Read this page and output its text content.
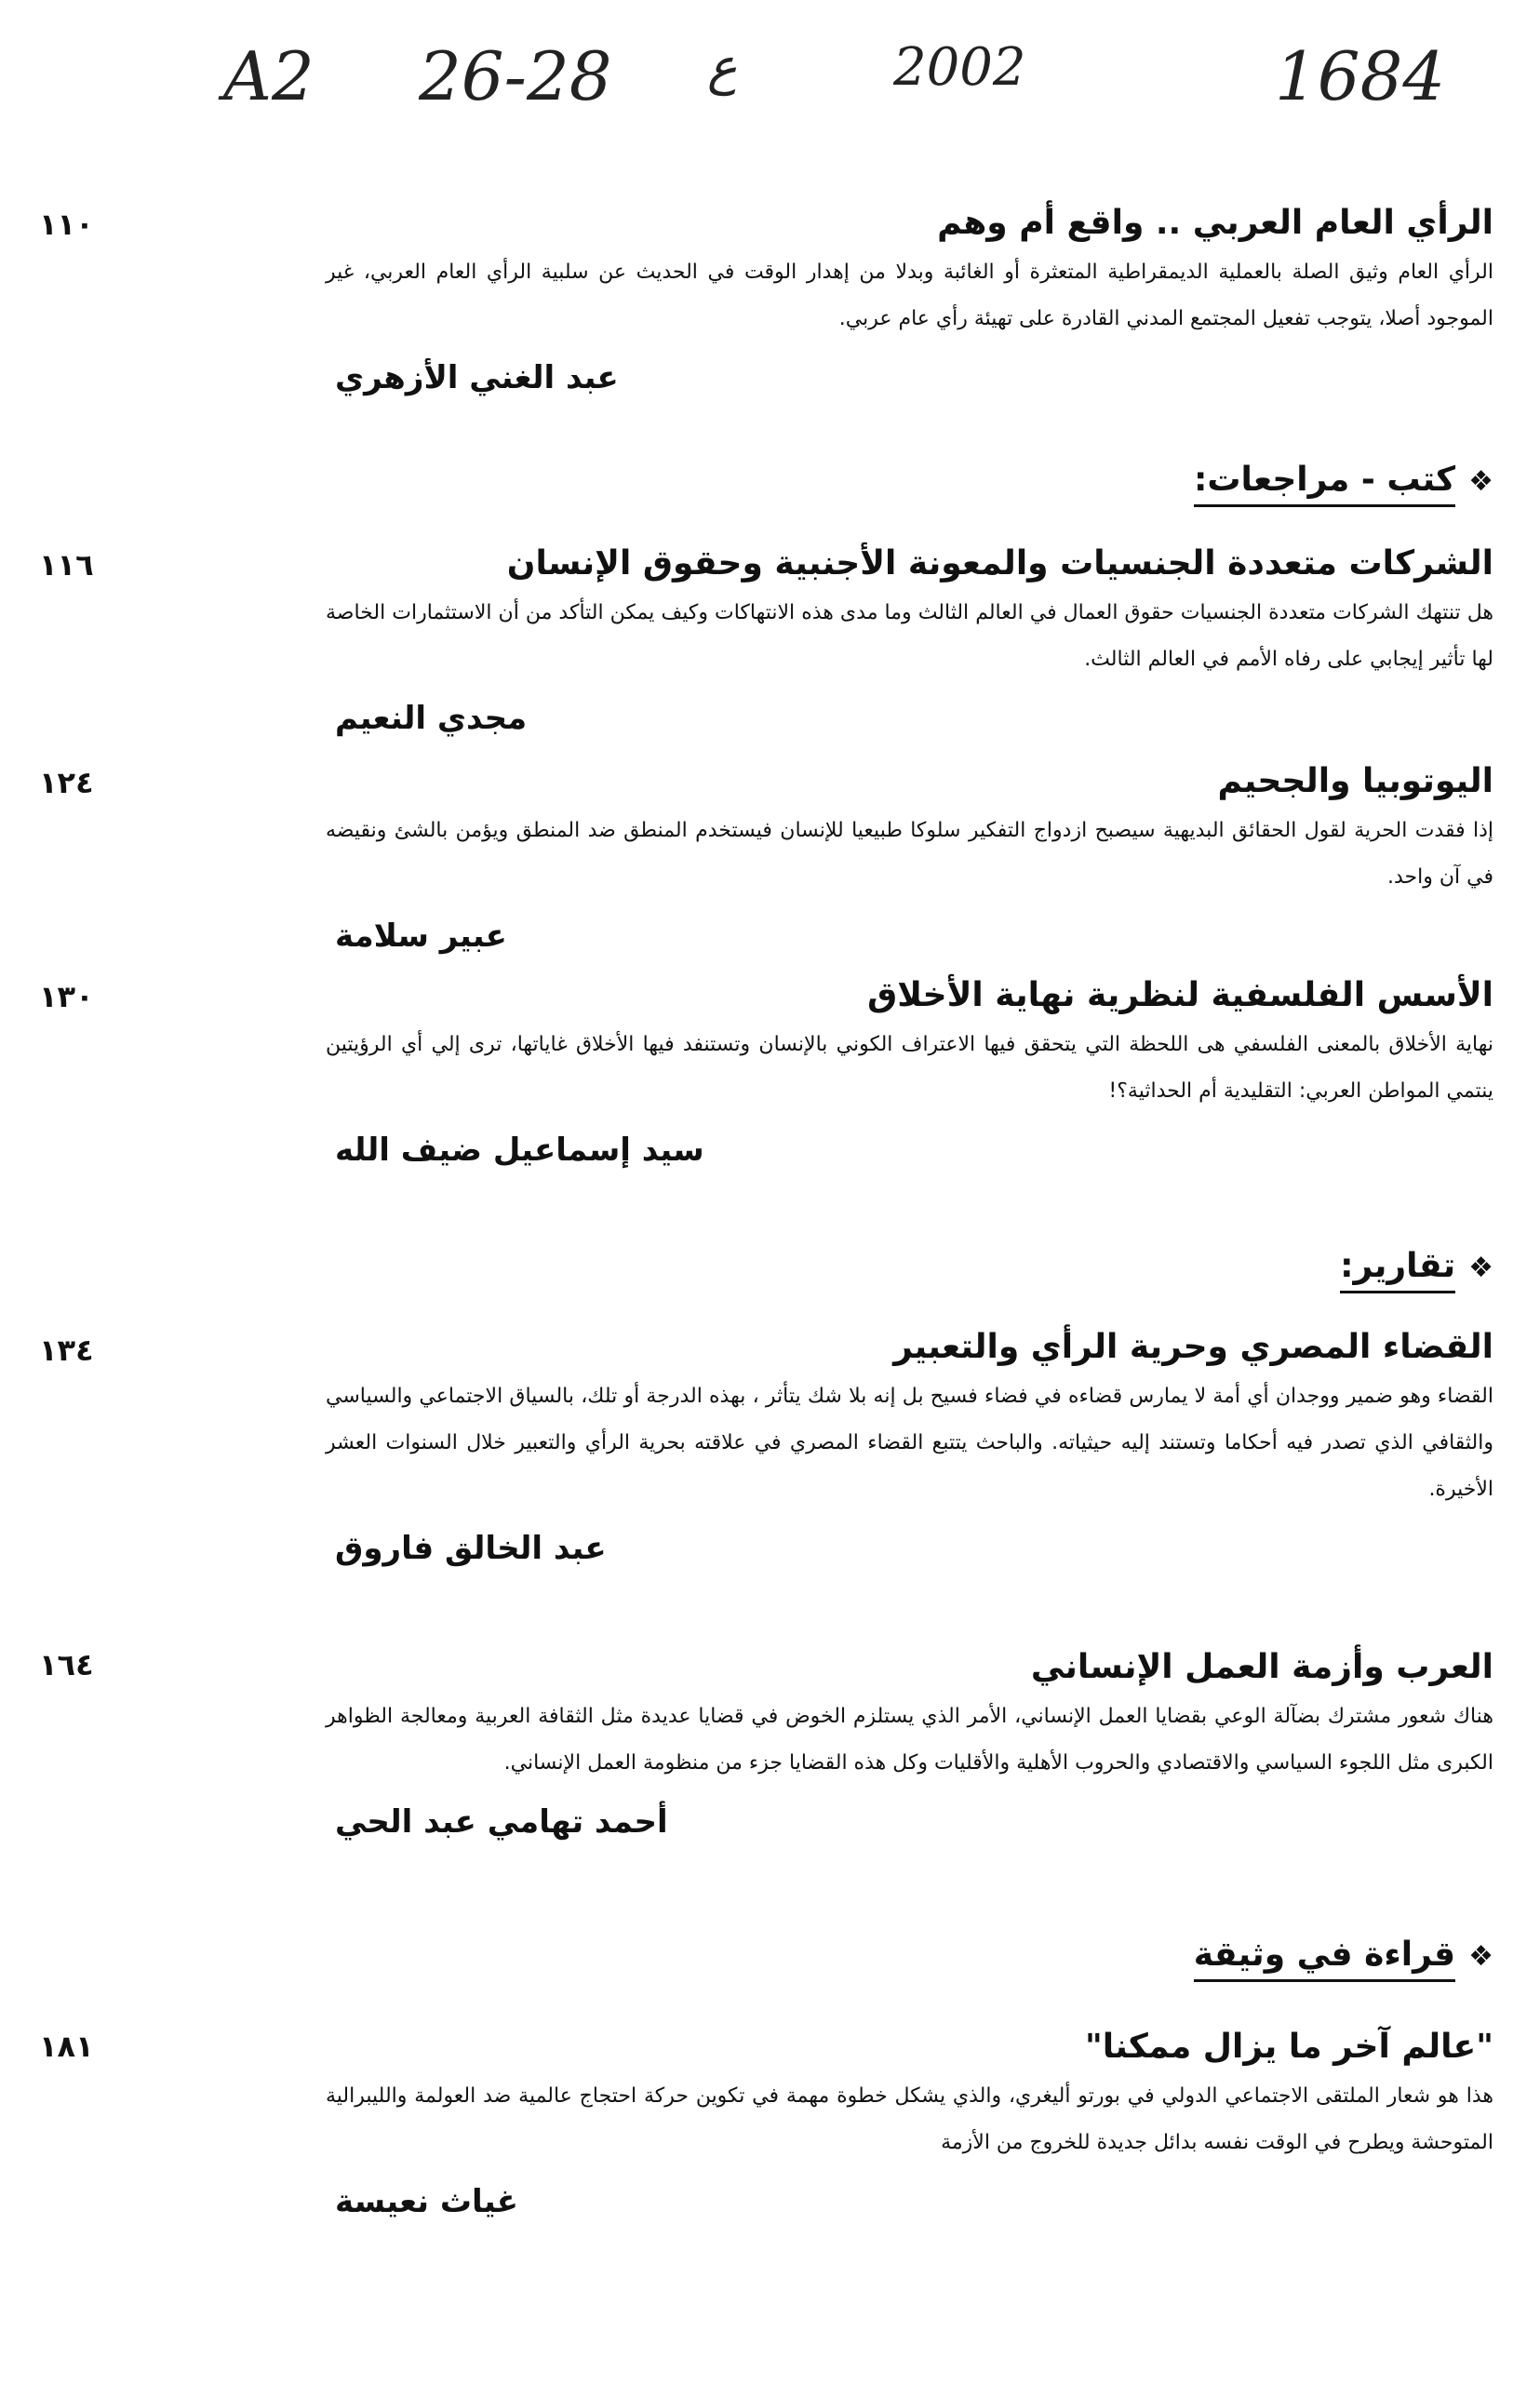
A2 26-28 ع	2002	1684
١١٠	الرأي العام العربي .. واقع أم وهم

الرأي العام وثيق الصلة بالعملية الديمقراطية المتعثرة أو الغائبة وبدلا من إهدار الوقت في الحديث عن سلبية الرأي العام العربي، غير الموجود أصلا، يتوجب تفعيل المجتمع المدني القادرة على تهيئة رأي عام عربي.

عبد الغني الأزهري
❖كتب - مراجعات:
١١٦	الشركات متعددة الجنسيات والمعونة الأجنبية وحقوق الإنسان

هل تنتهك الشركات متعددة الجنسيات حقوق العمال في العالم الثالث وما مدى هذه الانتهاكات وكيف يمكن التأكد من أن الاستثمارات الخاصة لها تأثير إيجابي على رفاه الأمم في العالم الثالث.

مجدي النعيم
١٢٤	اليوتوبيا والجحيم

إذا فقدت الحرية لقول الحقائق البديهية سيصبح ازدواج التفكير سلوكا طبيعيا للإنسان فيستخدم المنطق ضد المنطق ويؤمن بالشئ ونقيضه في آن واحد.

عبير سلامة
١٣٠	الأسس الفلسفية لنظرية نهاية الأخلاق

نهاية الأخلاق بالمعنى الفلسفي هى اللحظة التي يتحقق فيها الاعتراف الكوني بالإنسان وتستنفد فيها الأخلاق غاياتها، ترى إلي أي الرؤيتين ينتمي المواطن العربي: التقليدية أم الحداثية؟!

سيد إسماعيل ضيف الله
❖تقارير:
١٣٤	القضاء المصري وحرية الرأي والتعبير

القضاء وهو ضمير ووجدان أي أمة لا يمارس قضاءه في فضاء فسيح بل إنه بلا شك يتأثر ، بهذه الدرجة أو تلك، بالسياق الاجتماعي والسياسي والثقافي الذي تصدر فيه أحكاما وتستند إليه حيثياته. والباحث يتتبع القضاء المصري في علاقته بحرية الرأي والتعبير خلال السنوات العشر الأخيرة.

عبد الخالق فاروق
١٦٤	العرب وأزمة العمل الإنساني

هناك شعور مشترك بضآلة الوعي بقضايا العمل الإنساني، الأمر الذي يستلزم الخوض في قضايا عديدة مثل الثقافة العربية ومعالجة الظواهر الكبرى مثل اللجوء السياسي والاقتصادي والحروب الأهلية والأقليات وكل هذه القضايا جزء من منظومة العمل الإنساني.

أحمد تهامي عبد الحي
❖قراءة في وثيقة
١٨١	"عالم آخر ما يزال ممكنا"

هذا هو شعار الملتقى الاجتماعي الدولي في بورتو أليغري، والذي يشكل خطوة مهمة في تكوين حركة احتجاج عالمية ضد العولمة والليبرالية المتوحشة ويطرح في الوقت نفسه بدائل جديدة للخروج من الأزمة

غياث نعيسة
